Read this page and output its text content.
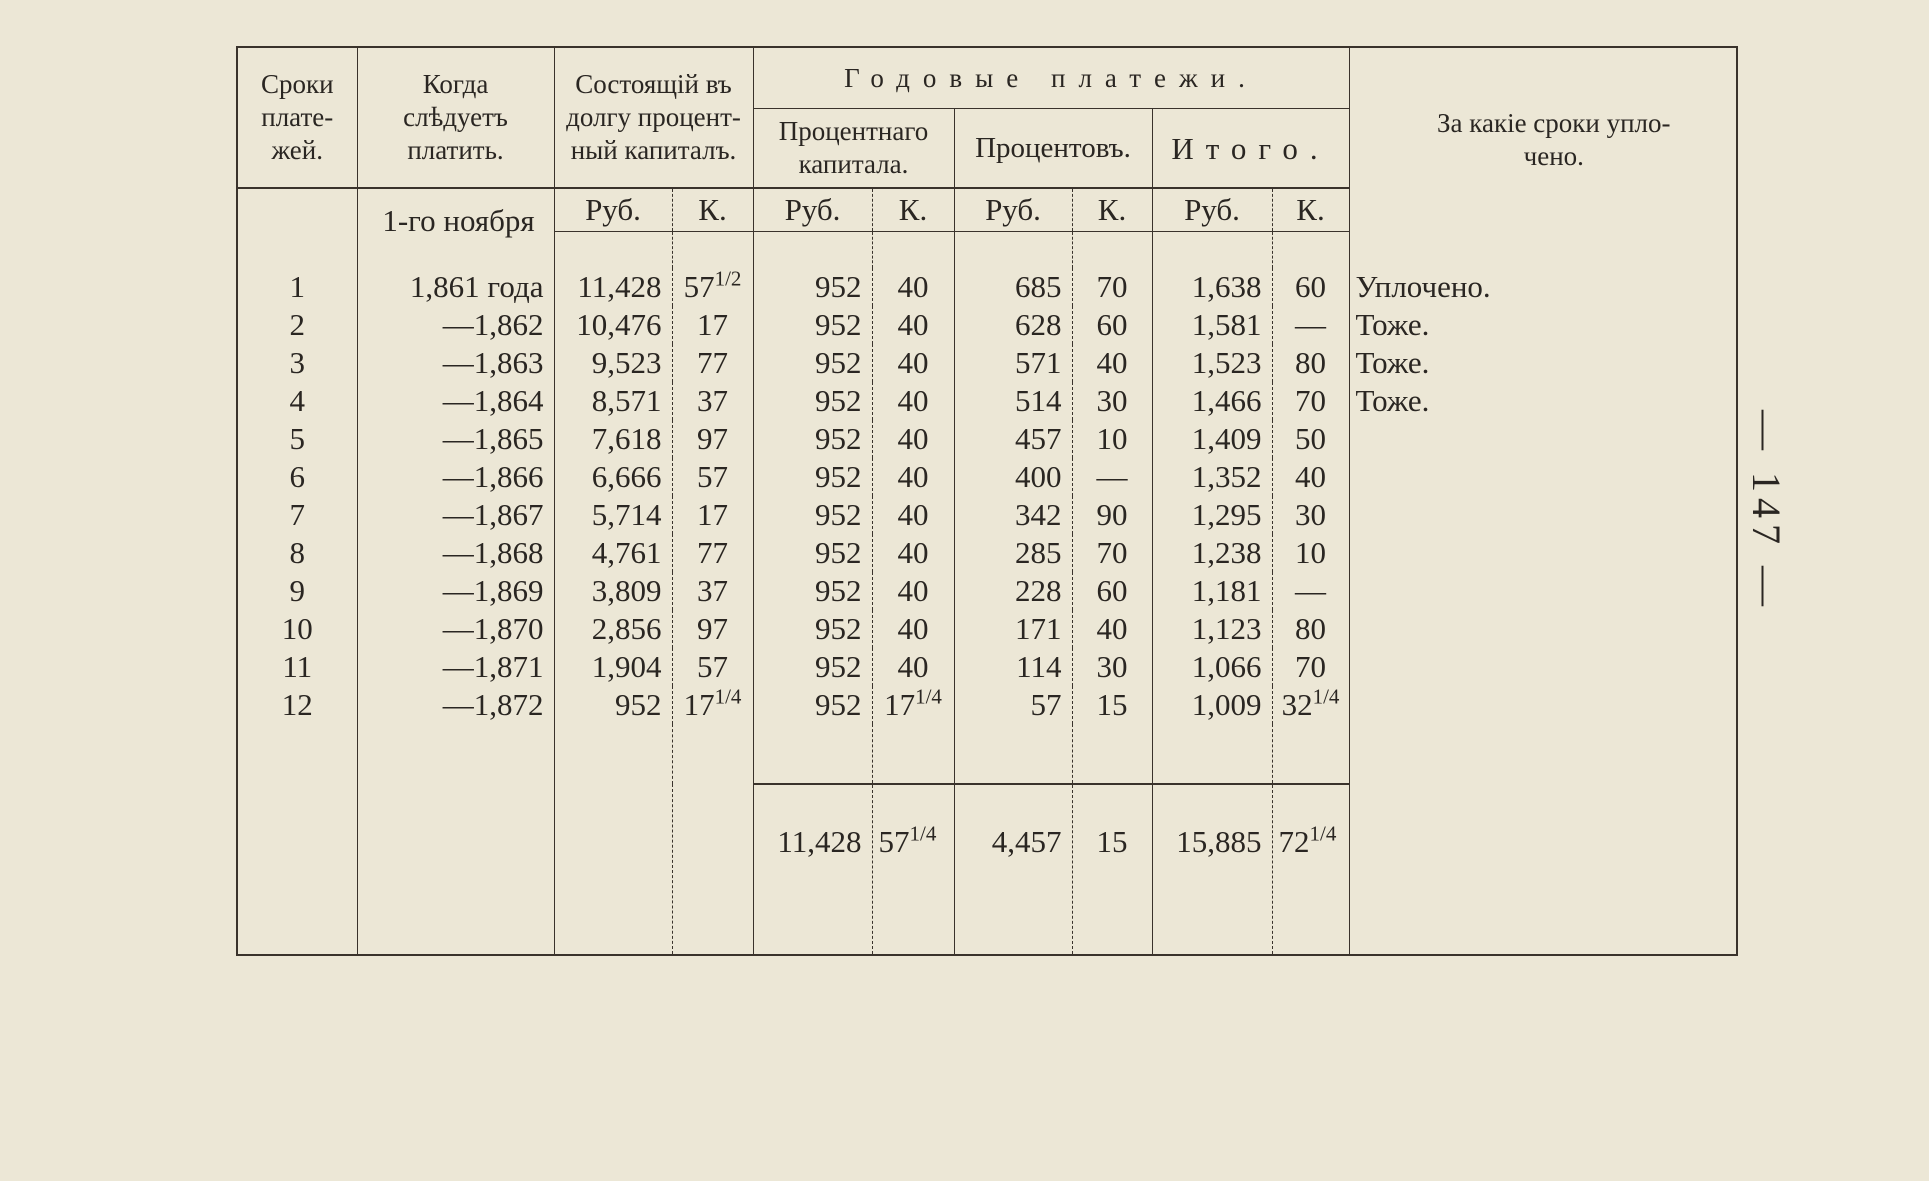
Сроки
плате-
жей.	Когда
слѣдуетъ
платить.	Состоящій въ
долгу процент-
ный капиталъ.		Годовые платежи.						За какіе сроки упло-
чено.
				Процентнаго
капитала.		Процентовъ.		Итого.		
	1-го ноября	Руб.	К.	Руб.	К.	Руб.	К.	Руб.	К.	

1	1,861 года	11,428	$57^{1/2}$	952	40	685	70	1,638	60	Уплочено.
2	—1,862	10,476	17	952	40	628	60	1,581	—	Тоже.
3	—1,863	9,523	77	952	40	571	40	1,523	80	Тоже.
4	—1,864	8,571	37	952	40	514	30	1,466	70	Тоже.
5	—1,865	7,618	97	952	40	457	10	1,409	50	
6	—1,866	6,666	57	952	40	400	—	1,352	40	
7	—1,867	5,714	17	952	40	342	90	1,295	30	
8	—1,868	4,761	77	952	40	285	70	1,238	10	
9	—1,869	3,809	37	952	40	228	60	1,181	—	
10	—1,870	2,856	97	952	40	171	40	1,123	80	
11	—1,871	1,904	57	952	40	114	30	1,066	70	
12	—1,872	952	$17^{1/4}$	952	$17^{1/4}$	57	15	1,009	$32^{1/4}$	

				11,428	$57^{1/4}$	4,457	15	15,885	$72^{1/4}$	
— 147 —
